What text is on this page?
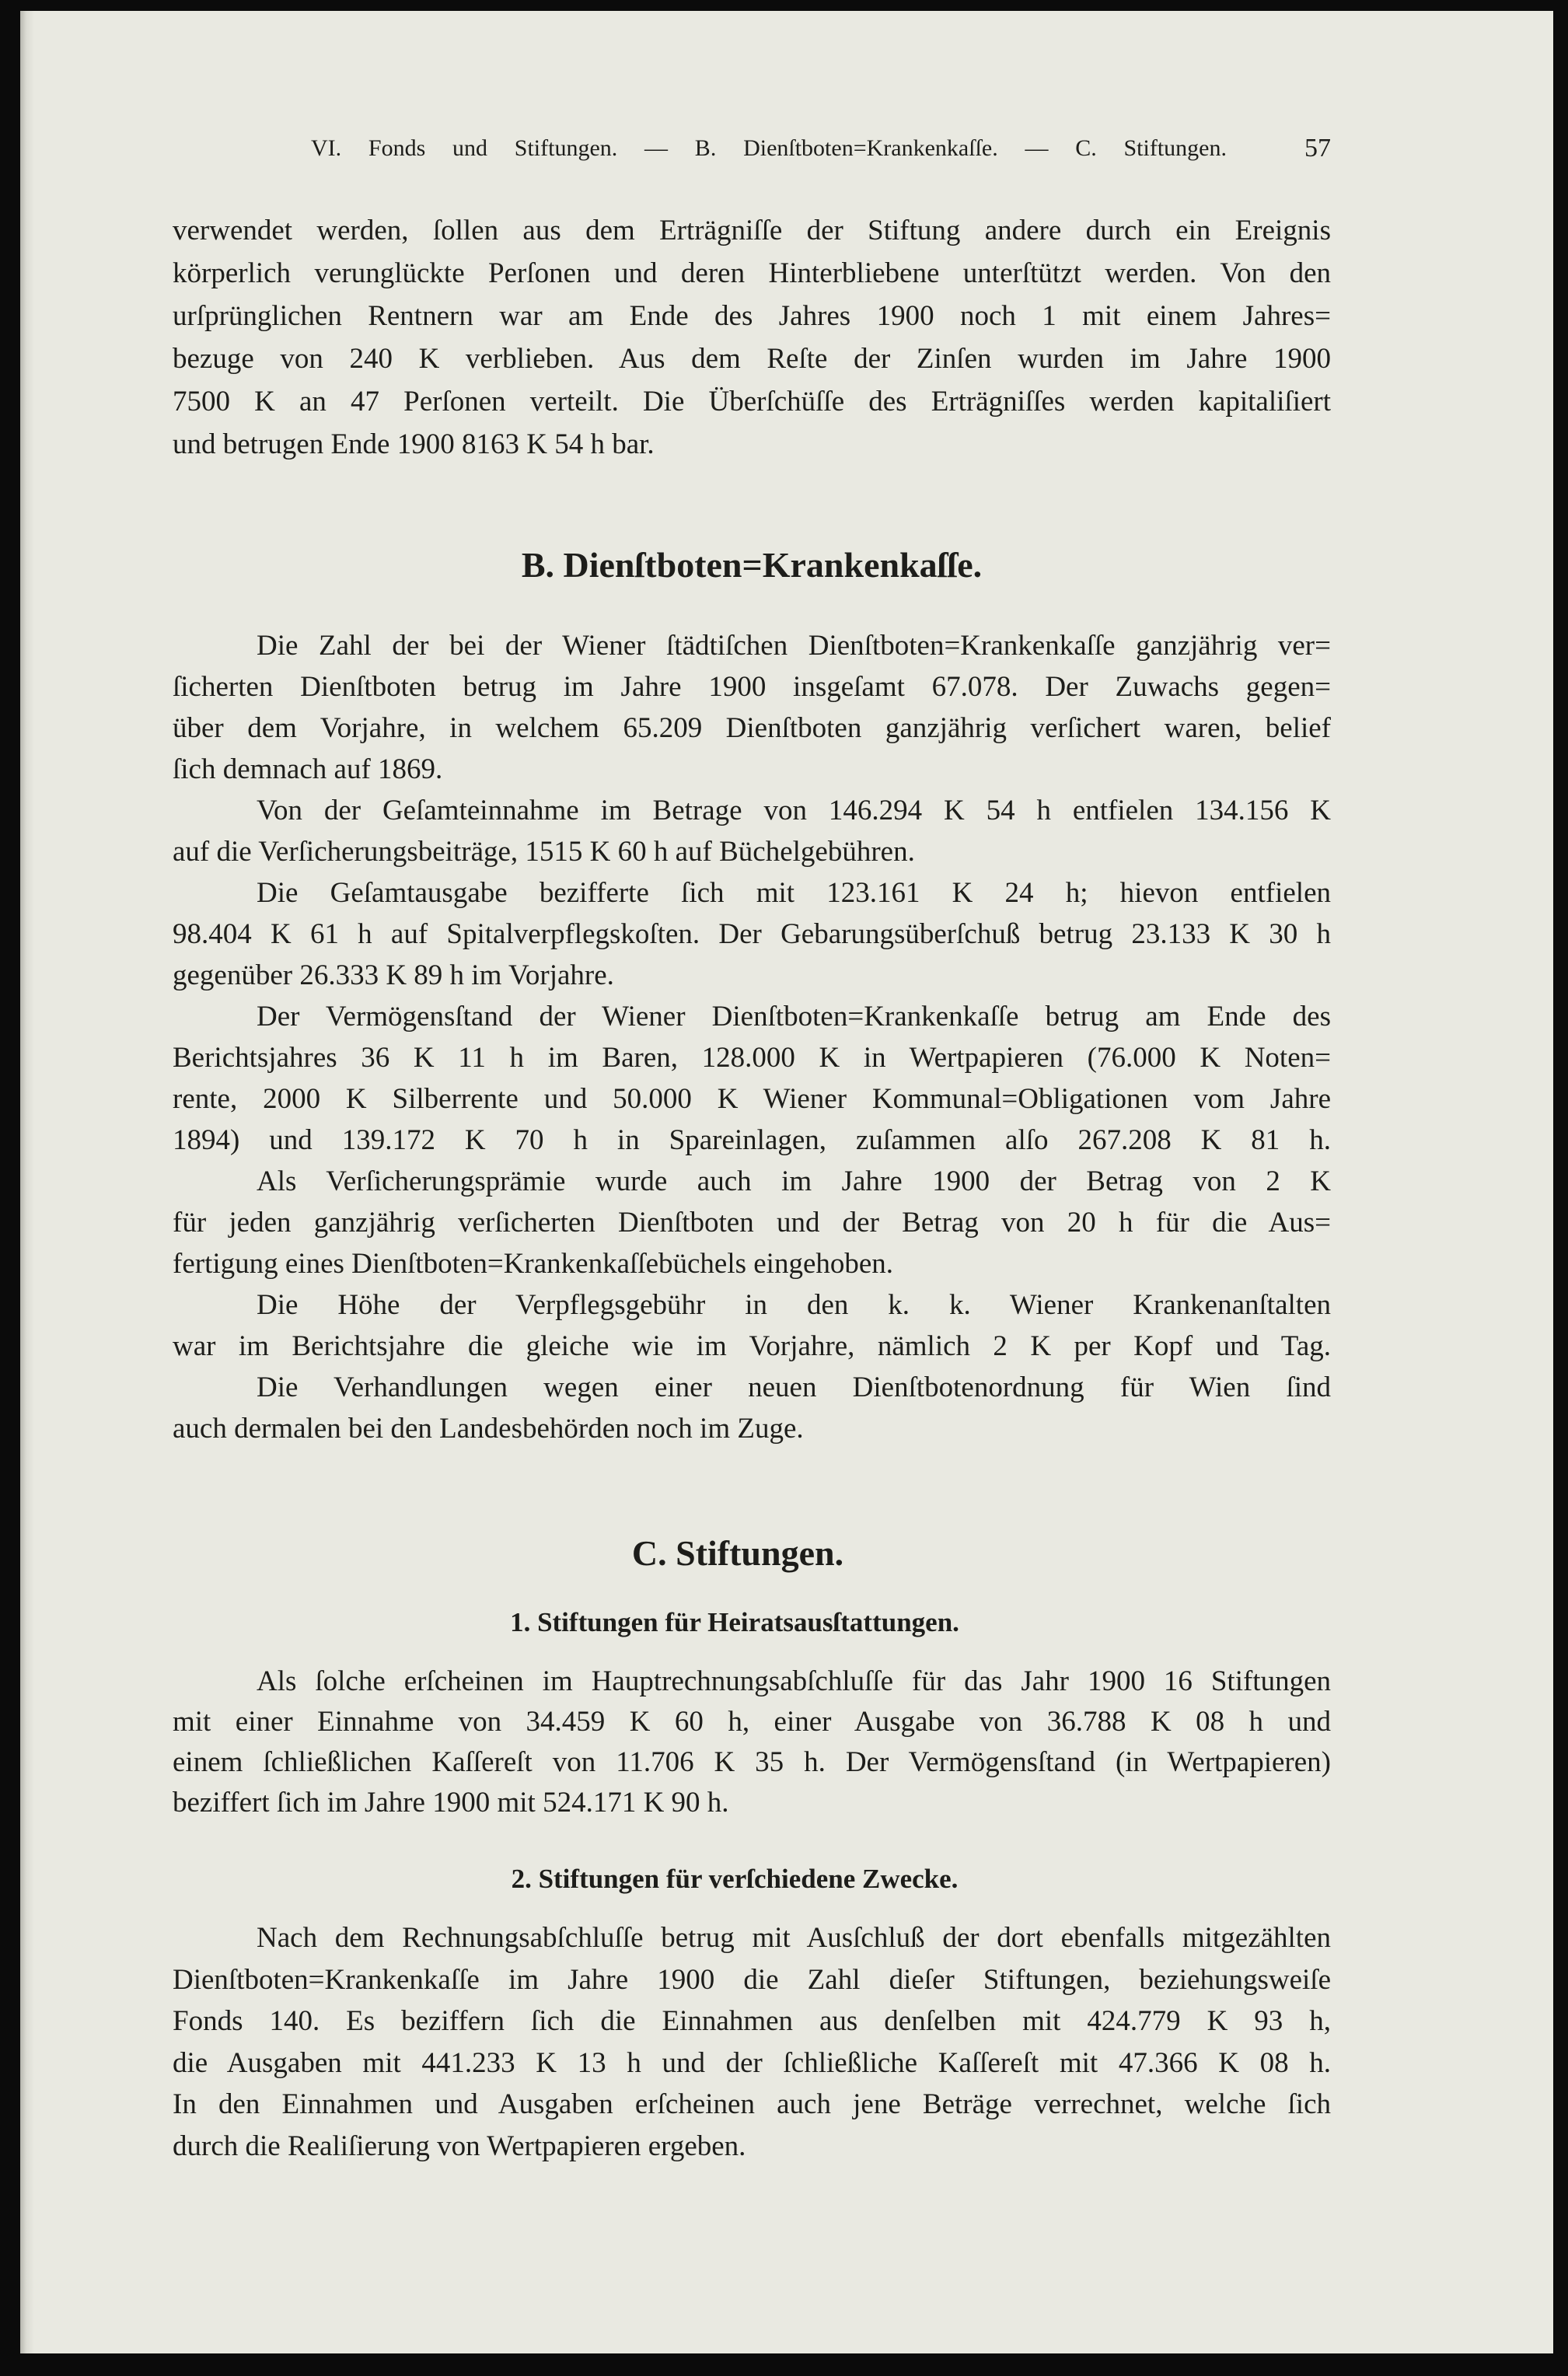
VI. Fonds und Stiftungen. — B. Dienſtboten=Krankenkaſſe. — C. Stiftungen.	57
verwendet werden, ſollen aus dem Erträgniſſe der Stiftung andere durch ein Ereignis
körperlich verunglückte Perſonen und deren Hinterbliebene unterſtützt werden. Von den
urſprünglichen Rentnern war am Ende des Jahres 1900 noch 1 mit einem Jahres=
bezuge von 240 K verblieben. Aus dem Reſte der Zinſen wurden im Jahre 1900
7500 K an 47 Perſonen verteilt. Die Überſchüſſe des Erträgniſſes werden kapitaliſiert
und betrugen Ende 1900 8163 K 54 h bar.
B. Dienſtboten=Krankenkaſſe.
Die Zahl der bei der Wiener ſtädtiſchen Dienſtboten=Krankenkaſſe ganzjährig ver=
ſicherten Dienſtboten betrug im Jahre 1900 insgeſamt 67.078. Der Zuwachs gegen=
über dem Vorjahre, in welchem 65.209 Dienſtboten ganzjährig verſichert waren, belief
ſich demnach auf 1869.
Von der Geſamteinnahme im Betrage von 146.294 K 54 h entfielen 134.156 K
auf die Verſicherungsbeiträge, 1515 K 60 h auf Büchelgebühren.
Die Geſamtausgabe bezifferte ſich mit 123.161 K 24 h; hievon entfielen
98.404 K 61 h auf Spitalverpflegskoſten. Der Gebarungsüberſchuß betrug 23.133 K 30 h
gegenüber 26.333 K 89 h im Vorjahre.
Der Vermögensſtand der Wiener Dienſtboten=Krankenkaſſe betrug am Ende des
Berichtsjahres 36 K 11 h im Baren, 128.000 K in Wertpapieren (76.000 K Noten=
rente, 2000 K Silberrente und 50.000 K Wiener Kommunal=Obligationen vom Jahre
1894) und 139.172 K 70 h in Spareinlagen, zuſammen alſo 267.208 K 81 h.
Als Verſicherungsprämie wurde auch im Jahre 1900 der Betrag von 2 K
für jeden ganzjährig verſicherten Dienſtboten und der Betrag von 20 h für die Aus=
fertigung eines Dienſtboten=Krankenkaſſebüchels eingehoben.
Die Höhe der Verpflegsgebühr in den k. k. Wiener Krankenanſtalten
war im Berichtsjahre die gleiche wie im Vorjahre, nämlich 2 K per Kopf und Tag.
Die Verhandlungen wegen einer neuen Dienſtbotenordnung für Wien ſind
auch dermalen bei den Landesbehörden noch im Zuge.
C. Stiftungen.
1. Stiftungen für Heiratsausſtattungen.
Als ſolche erſcheinen im Hauptrechnungsabſchluſſe für das Jahr 1900 16 Stiftungen
mit einer Einnahme von 34.459 K 60 h, einer Ausgabe von 36.788 K 08 h und
einem ſchließlichen Kaſſereſt von 11.706 K 35 h. Der Vermögensſtand (in Wertpapieren)
beziffert ſich im Jahre 1900 mit 524.171 K 90 h.
2. Stiftungen für verſchiedene Zwecke.
Nach dem Rechnungsabſchluſſe betrug mit Ausſchluß der dort ebenfalls mitgezählten
Dienſtboten=Krankenkaſſe im Jahre 1900 die Zahl dieſer Stiftungen, beziehungsweiſe
Fonds 140. Es beziffern ſich die Einnahmen aus denſelben mit 424.779 K 93 h,
die Ausgaben mit 441.233 K 13 h und der ſchließliche Kaſſereſt mit 47.366 K 08 h.
In den Einnahmen und Ausgaben erſcheinen auch jene Beträge verrechnet, welche ſich
durch die Realiſierung von Wertpapieren ergeben.
